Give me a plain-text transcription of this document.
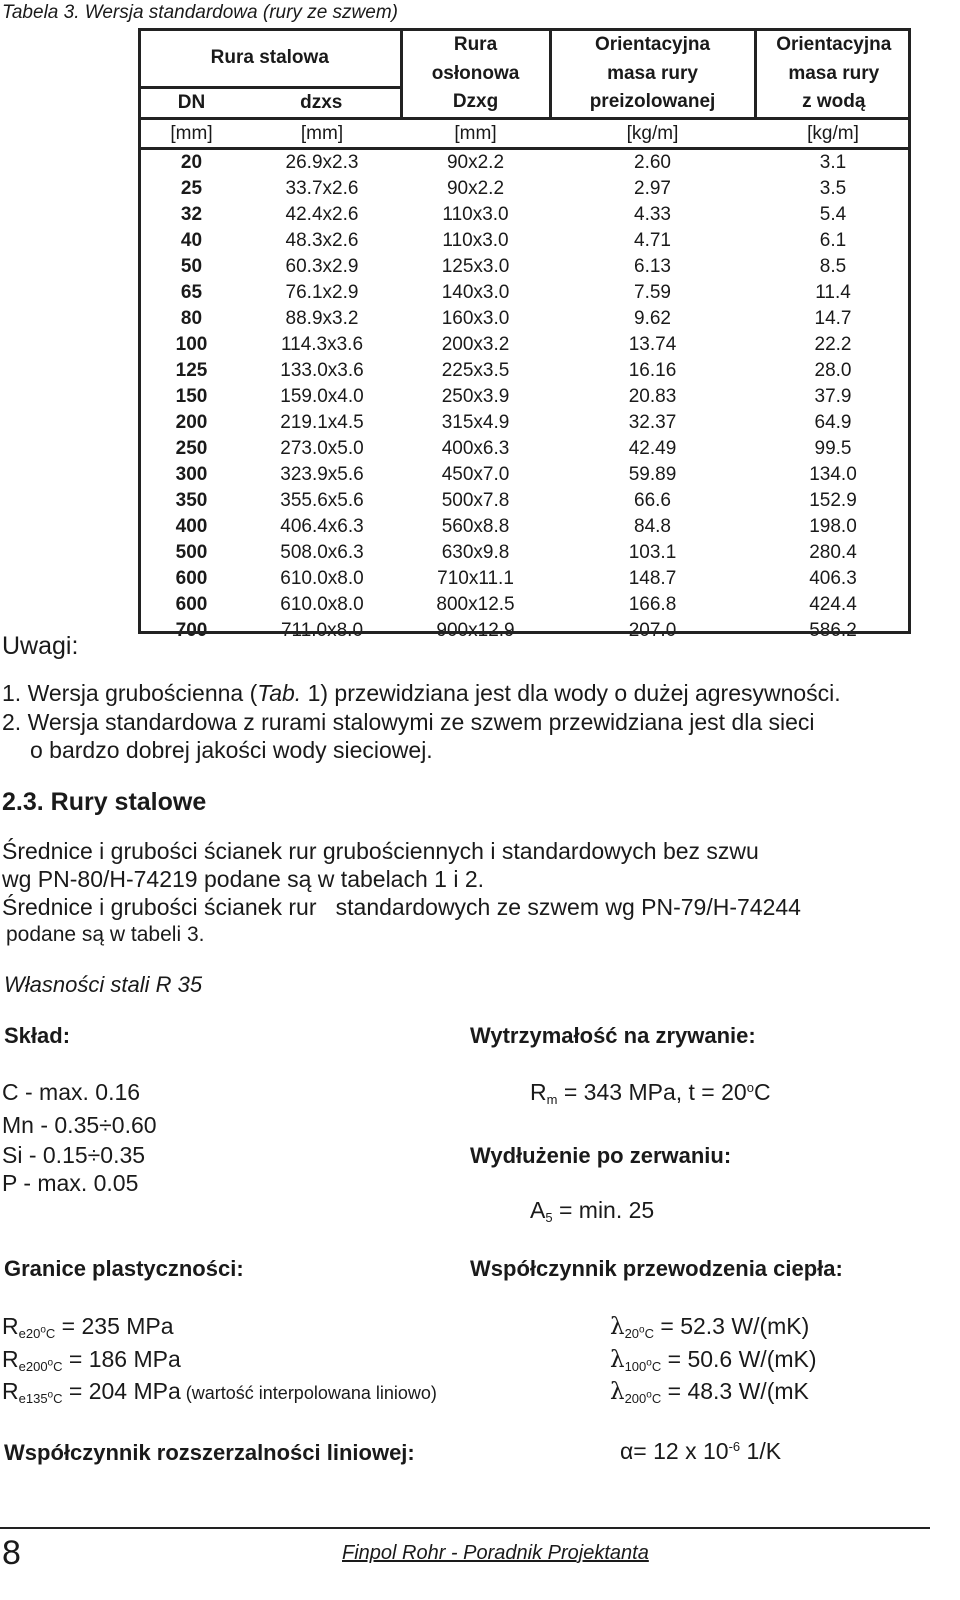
Tabela 3. Wersja standardowa (rury ze szwem)
Rura stalowa		Rura	Orientacyjna	Orientacyjna
		osłonowa	masa rury	masa rury
DN	dzxs	Dzxg	preizolowanej	z wodą
[mm]	[mm]	[mm]	[kg/m]	[kg/m]
20	26.9x2.3	90x2.2	2.60	3.1
25	33.7x2.6	90x2.2	2.97	3.5
32	42.4x2.6	110x3.0	4.33	5.4
40	48.3x2.6	110x3.0	4.71	6.1
50	60.3x2.9	125x3.0	6.13	8.5
65	76.1x2.9	140x3.0	7.59	11.4
80	88.9x3.2	160x3.0	9.62	14.7
100	114.3x3.6	200x3.2	13.74	22.2
125	133.0x3.6	225x3.5	16.16	28.0
150	159.0x4.0	250x3.9	20.83	37.9
200	219.1x4.5	315x4.9	32.37	64.9
250	273.0x5.0	400x6.3	42.49	99.5
300	323.9x5.6	450x7.0	59.89	134.0
350	355.6x5.6	500x7.8	66.6	152.9
400	406.4x6.3	560x8.8	84.8	198.0
500	508.0x6.3	630x9.8	103.1	280.4
600	610.0x8.0	710x11.1	148.7	406.3
600	610.0x8.0	800x12.5	166.8	424.4
700	711.0x8.0	900x12.9	207.0	586.2
Uwagi:
1. Wersja grubościenna (Tab. 1) przewidziana jest dla wody o dużej agresywności.
2. Wersja standardowa z rurami stalowymi ze szwem przewidziana jest dla sieci
o bardzo dobrej jakości wody sieciowej.
2.3. Rury stalowe
Średnice i grubości ścianek rur grubościennych i standardowych bez szwu
wg PN-80/H-74219 podane są w tabelach 1 i 2.
Średnice i grubości ścianek rur   standardowych ze szwem wg PN-79/H-74244
podane są w tabeli 3.
Własności stali R 35
Skład:	Wytrzymałość na zrywanie:
C - max. 0.16
Mn - 0.35÷0.60
Si - 0.15÷0.35
P - max. 0.05
$R_m = 343$ MPa, $t = 20^oC$
Wydłużenie po zerwaniu:
$A_5 = \min$. 25
Granice plastyczności:	Współczynnik przewodzenia ciepła:
$R_{e20^oC} = 235$ MPa
$R_{e200^oC} = 186$ MPa
$R_{e135^oC} = 204$ MPa (wartość interpolowana liniowo)
$\lambda_{20^oC} = 52.3$ W/(mK)
$\lambda_{100^oC} = 50.6$ W/(mK)
$\lambda_{200^oC} = 48.3$ W/(mK
Współczynnik rozszerzalności liniowej:	α= 12 x $10^{-6}$ 1/K
8	Finpol Rohr - Poradnik Projektanta
